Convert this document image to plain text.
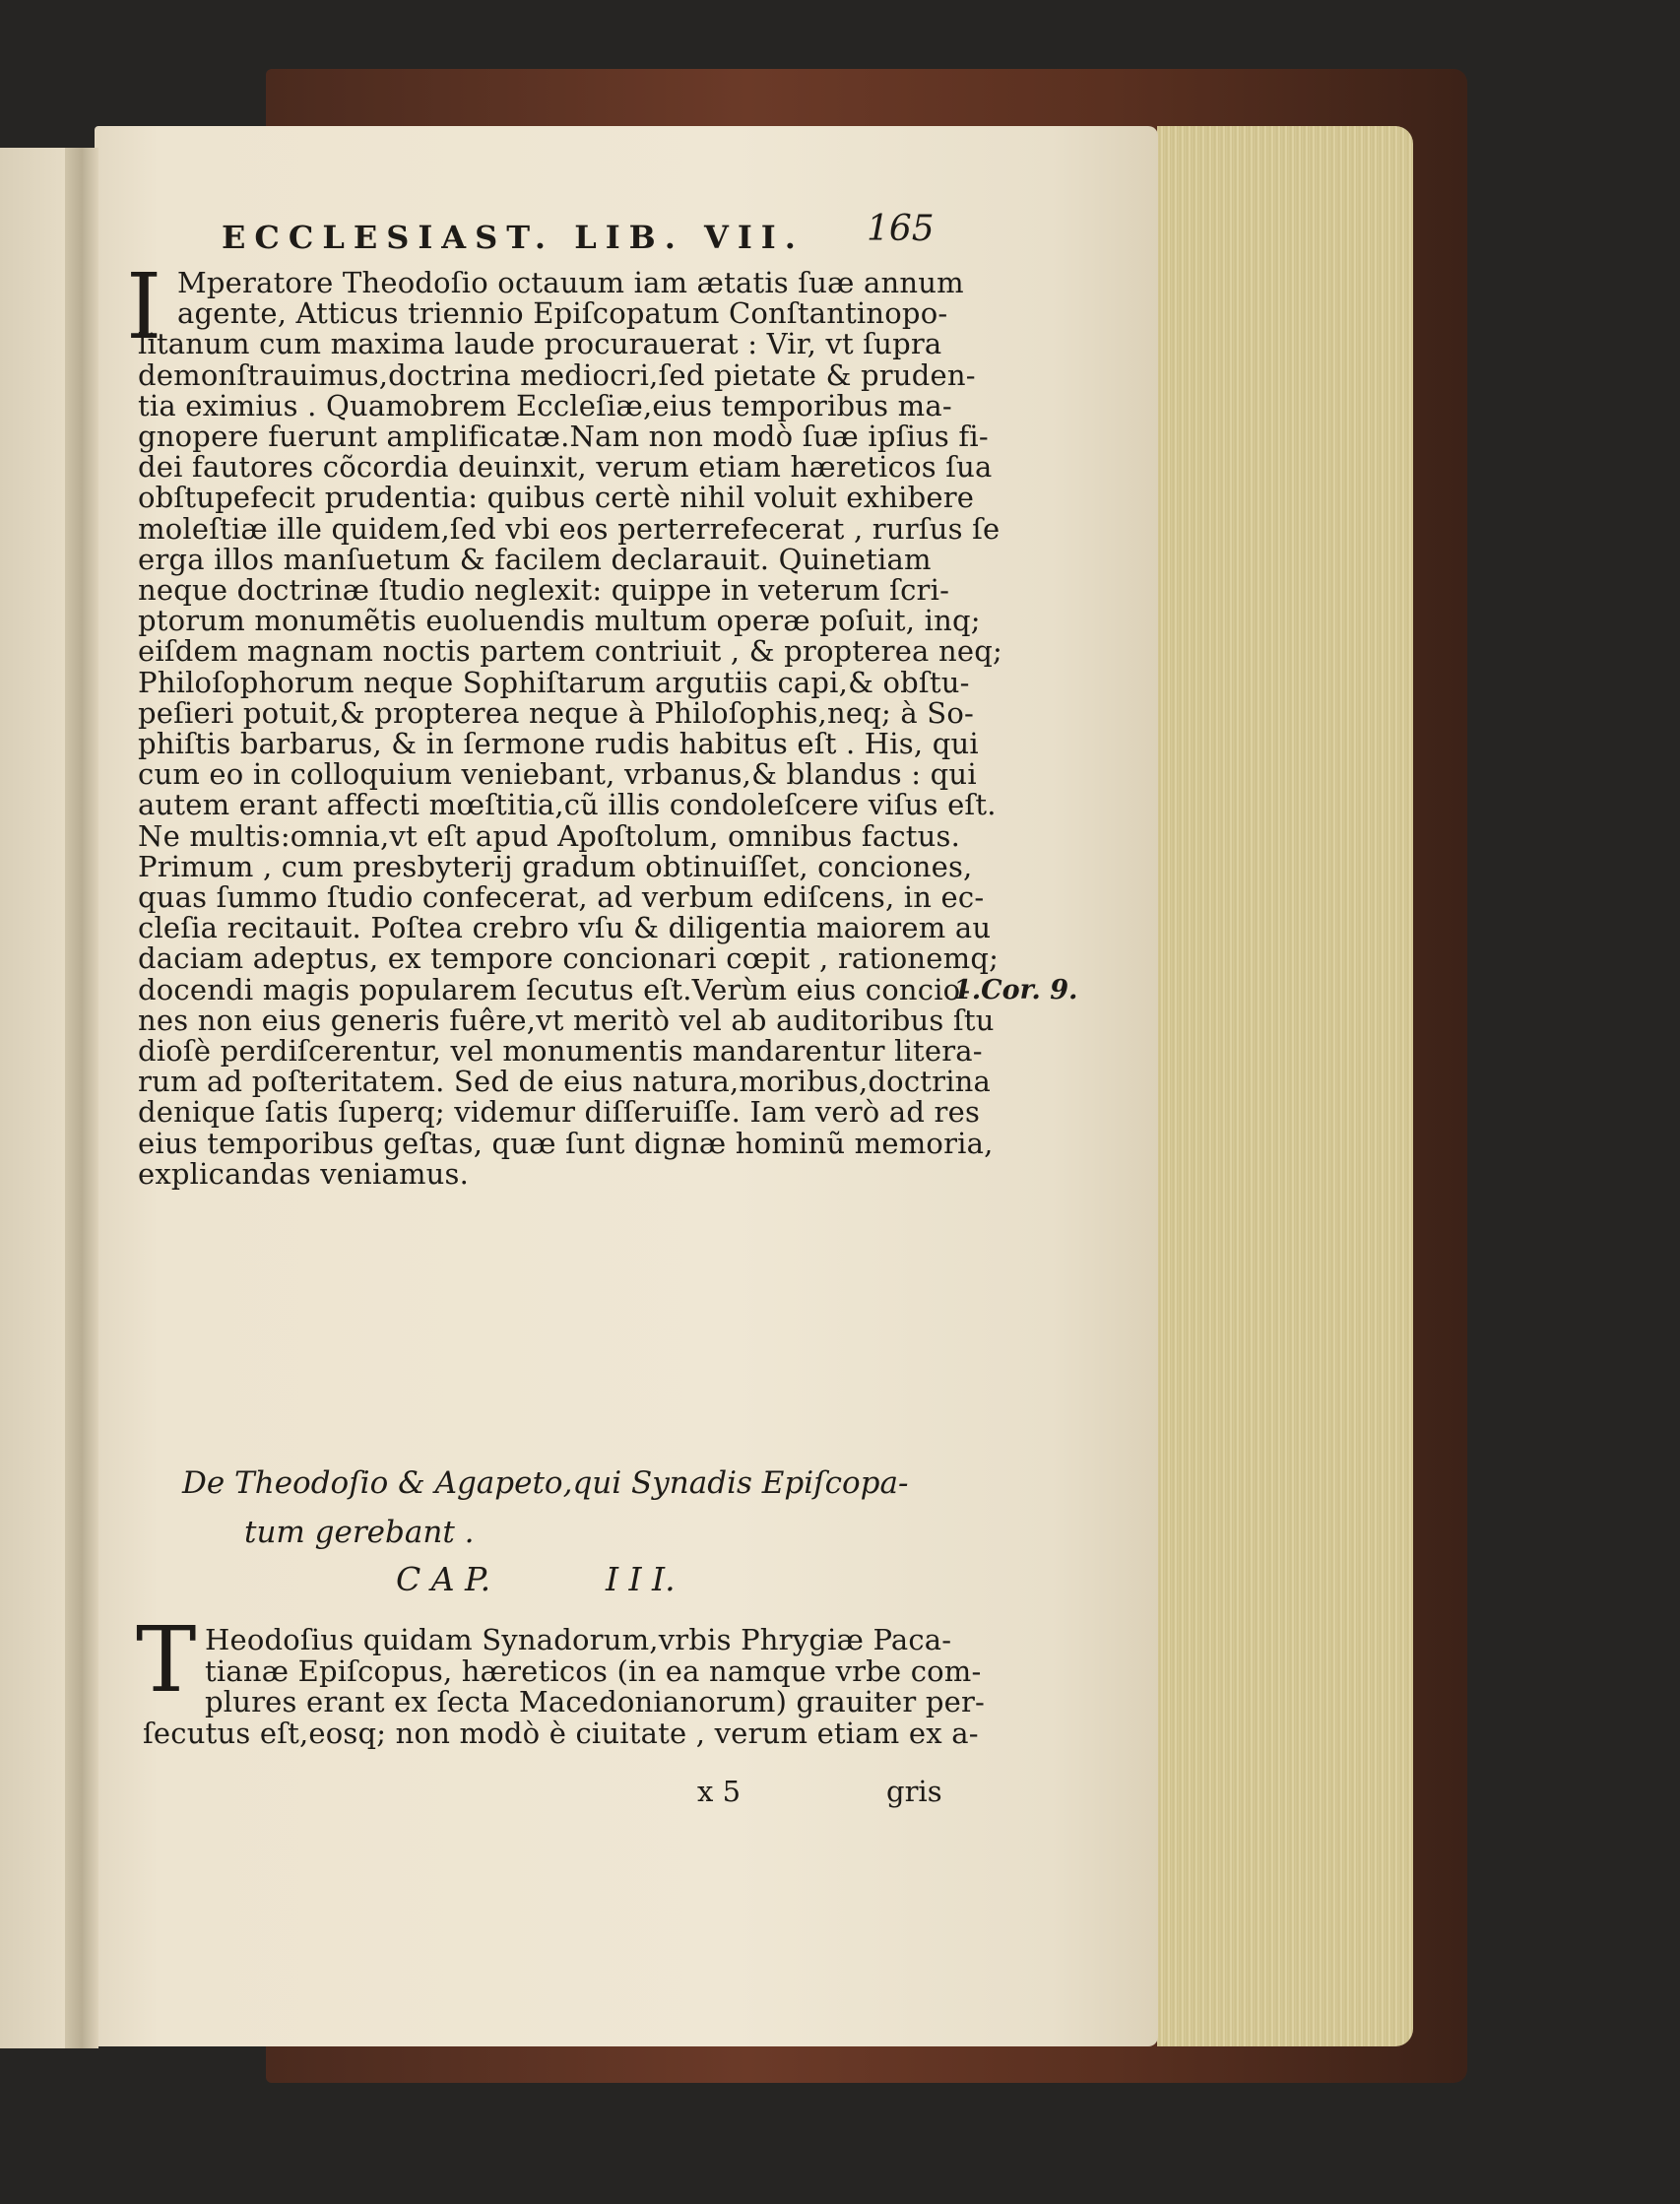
ECCLESIAST. LIB. VII. 165
I Mperatore Theodoſio octauum iam ætatis ſuæ annum
agente, Atticus triennio Epiſcopatum Conſtantinopo-
litanum cum maxima laude procurauerat : Vir, vt ſupra
demonſtrauimus,doctrina mediocri,ſed pietate & pruden-
tia eximius . Quamobrem Eccleſiæ,eius temporibus ma-
gnopere fuerunt amplificatæ.Nam non modò ſuæ ipſius fi-
dei fautores cõcordia deuinxit, verum etiam hæreticos ſua
obſtupefecit prudentia: quibus certè nihil voluit exhibere
moleſtiæ ille quidem,ſed vbi eos perterrefecerat , rurſus ſe
erga illos manſuetum & facilem declarauit. Quinetiam
neque doctrinæ ſtudio neglexit: quippe in veterum ſcri-
ptorum monumẽtis euoluendis multum operæ poſuit, inq;
eiſdem magnam noctis partem contriuit , & propterea neq;
Philoſophorum neque Sophiſtarum argutiis capi,& obſtu-
peſieri potuit,& propterea neque à Philoſophis,neq; à So-
phiſtis barbarus, & in ſermone rudis habitus eſt . His, qui
cum eo in colloquium veniebant, vrbanus,& blandus : qui
autem erant affecti mœſtitia,cũ illis condoleſcere viſus eſt.
Ne multis:omnia,vt eſt apud Apoſtolum, omnibus factus.
Primum , cum presbyterij gradum obtinuiſſet, conciones,
quas ſummo ſtudio confecerat, ad verbum ediſcens, in ec-
cleſia recitauit. Poſtea crebro vſu & diligentia maiorem au
daciam adeptus, ex tempore concionari cœpit , rationemq;
docendi magis popularem ſecutus eſt.Verùm eius concio-
nes non eius generis fuêre,vt meritò vel ab auditoribus ſtu
dioſè perdiſcerentur, vel monumentis mandarentur litera-
rum ad poſteritatem. Sed de eius natura,moribus,doctrina
denique ſatis ſuperq; videmur diſſeruiſſe. Iam verò ad res
eius temporibus geſtas, quæ ſunt dignæ hominũ memoria,
explicandas veniamus.
1.Cor. 9.
De Theodoſio & Agapeto,qui Synadis Epiſcopa-
tum gerebant .
C A P.	I I I.
T Heodoſius quidam Synadorum,vrbis Phrygiæ Paca-
tianæ Epiſcopus, hæreticos (in ea namque vrbe com-
plures erant ex ſecta Macedonianorum) grauiter per-
ſecutus eſt,eosq; non modò è ciuitate , verum etiam ex a-
x 5	gris
